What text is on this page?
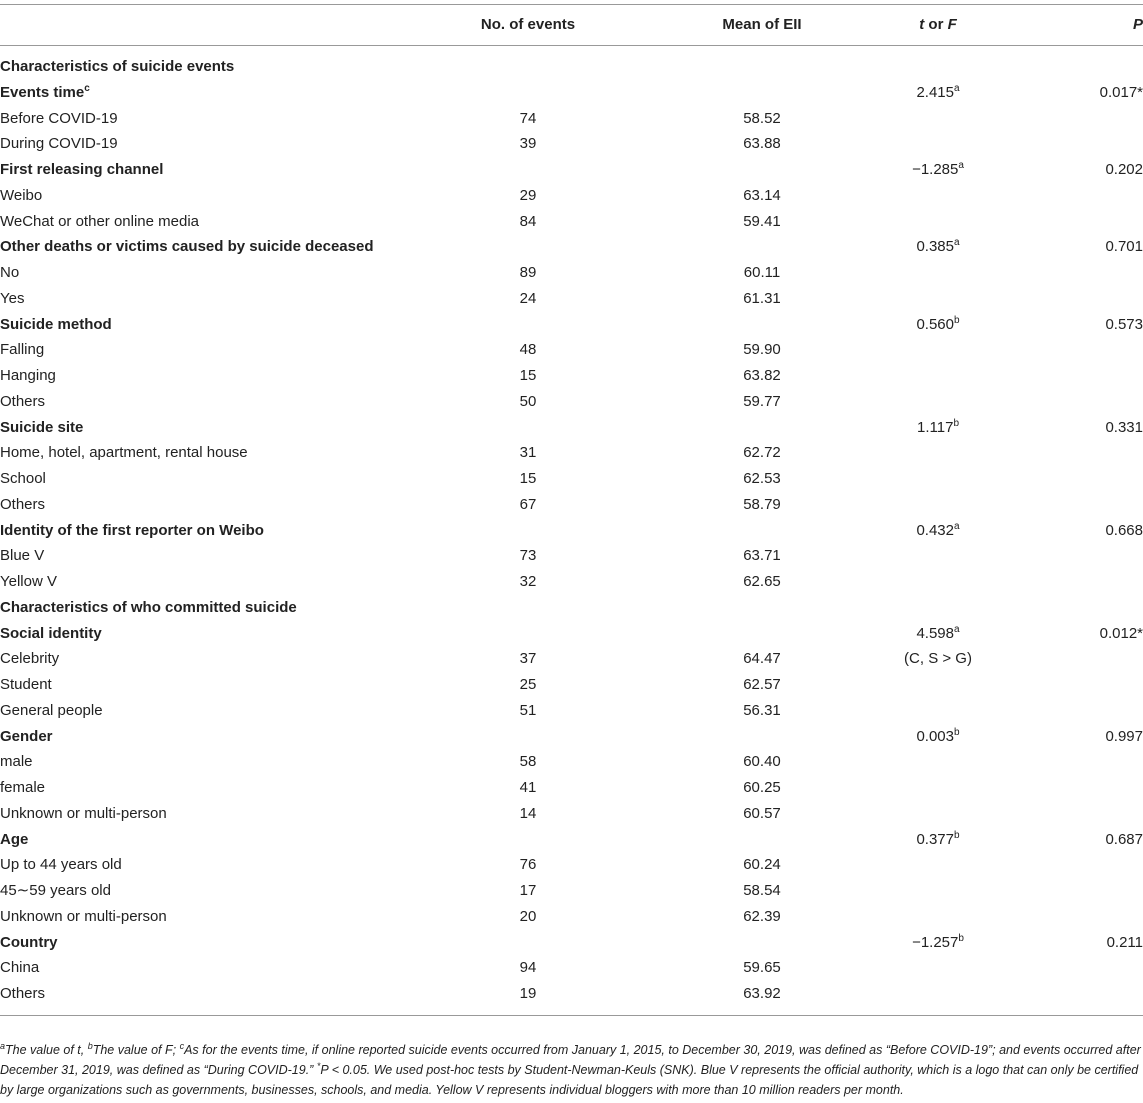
	No. of events	Mean of EII	t or F	P
Characteristics of suicide events				
Events time$^c$			2.415$^a$	0.017*
Before COVID-19	74	58.52		
During COVID-19	39	63.88		
First releasing channel			−1.285$^a$	0.202
Weibo	29	63.14		
WeChat or other online media	84	59.41		
Other deaths or victims caused by suicide deceased			0.385$^a$	0.701
No	89	60.11		
Yes	24	61.31		
Suicide method			0.560$^b$	0.573
Falling	48	59.90		
Hanging	15	63.82		
Others	50	59.77		
Suicide site			1.117$^b$	0.331
Home, hotel, apartment, rental house	31	62.72		
School	15	62.53		
Others	67	58.79		
Identity of the first reporter on Weibo			0.432$^a$	0.668
Blue V	73	63.71		
Yellow V	32	62.65		
Characteristics of who committed suicide				
Social identity			4.598$^a$	0.012*
Celebrity	37	64.47	(C, S > G)	
Student	25	62.57		
General people	51	56.31		
Gender			0.003$^b$	0.997
male	58	60.40		
female	41	60.25		
Unknown or multi-person	14	60.57		
Age			0.377$^b$	0.687
Up to 44 years old	76	60.24		
45∼59 years old	17	58.54		
Unknown or multi-person	20	62.39		
Country			−1.257$^b$	0.211
China	94	59.65		
Others	19	63.92		
$^a$The value of t, $^b$The value of F; $^c$As for the events time, if online reported suicide events occurred from January 1, 2015, to December 30, 2019, was defined as “Before COVID-19”; and events occurred after December 31, 2019, was defined as “During COVID-19.” *P < 0.05. We used post-hoc tests by Student-Newman-Keuls (SNK). Blue V represents the official authority, which is a logo that can only be certified by large organizations such as governments, businesses, schools, and media. Yellow V represents individual bloggers with more than 10 million readers per month.
